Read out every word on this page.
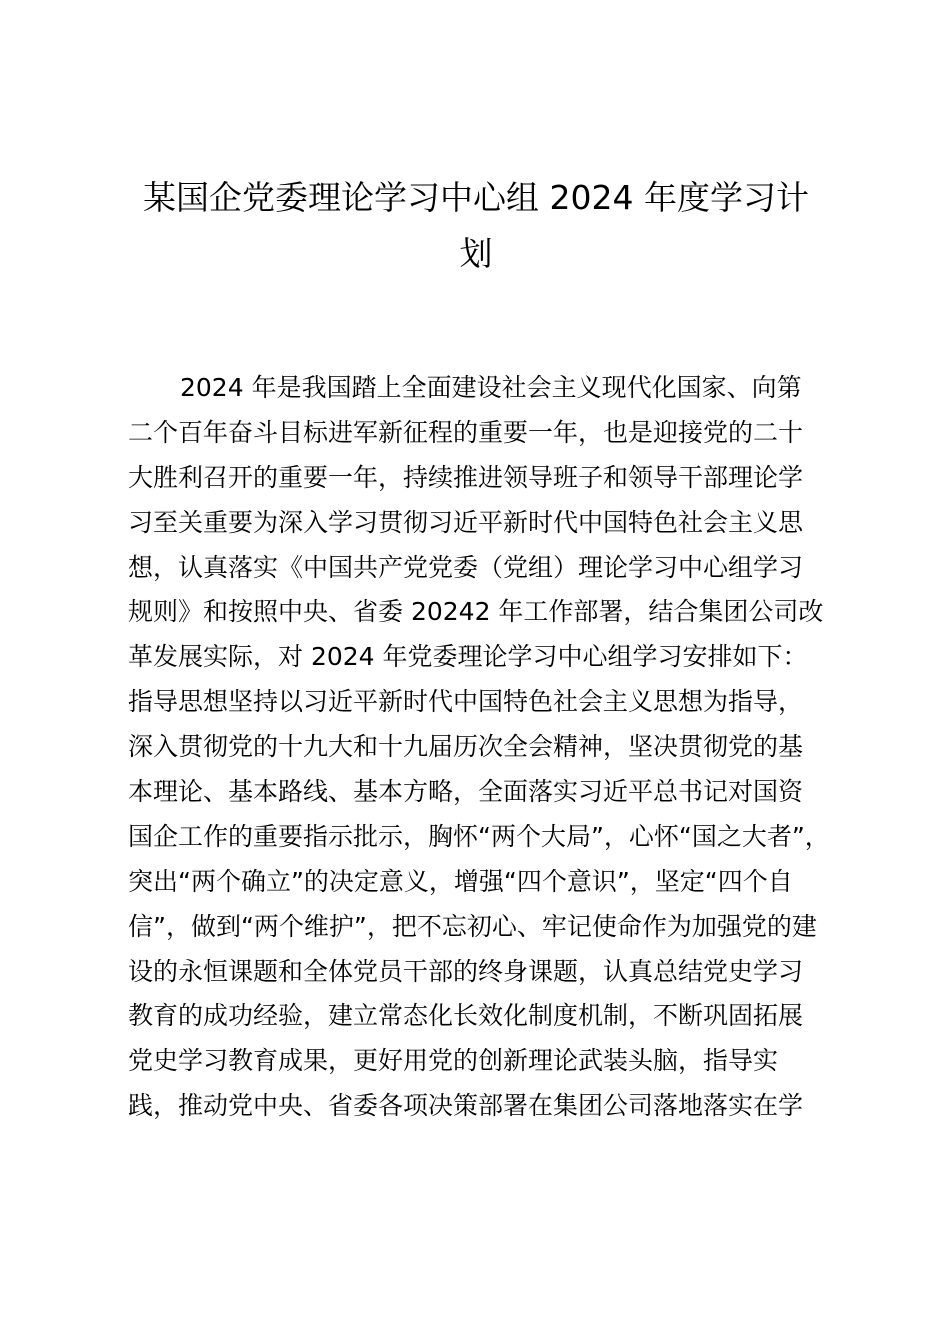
某国企党委理论学习中心组 2024 年度学习计
划
2024 年是我国踏上全面建设社会主义现代化国家、向第
二个百年奋斗目标进军新征程的重要一年，也是迎接党的二十
大胜利召开的重要一年，持续推进领导班子和领导干部理论学
习至关重要为深入学习贯彻习近平新时代中国特色社会主义思
想，认真落实《中国共产党党委（党组）理论学习中心组学习
规则》和按照中央、省委 20242 年工作部署，结合集团公司改
革发展实际，对 2024 年党委理论学习中心组学习安排如下：
指导思想坚持以习近平新时代中国特色社会主义思想为指导，
深入贯彻党的十九大和十九届历次全会精神，坚决贯彻党的基
本理论、基本路线、基本方略，全面落实习近平总书记对国资
国企工作的重要指示批示，胸怀“两个大局”，心怀“国之大者”，
突出“两个确立”的决定意义，增强“四个意识”，坚定“四个自
信”，做到“两个维护”，把不忘初心、牢记使命作为加强党的建
设的永恒课题和全体党员干部的终身课题，认真总结党史学习
教育的成功经验，建立常态化长效化制度机制，不断巩固拓展
党史学习教育成果，更好用党的创新理论武装头脑，指导实
践，推动党中央、省委各项决策部署在集团公司落地落实在学
